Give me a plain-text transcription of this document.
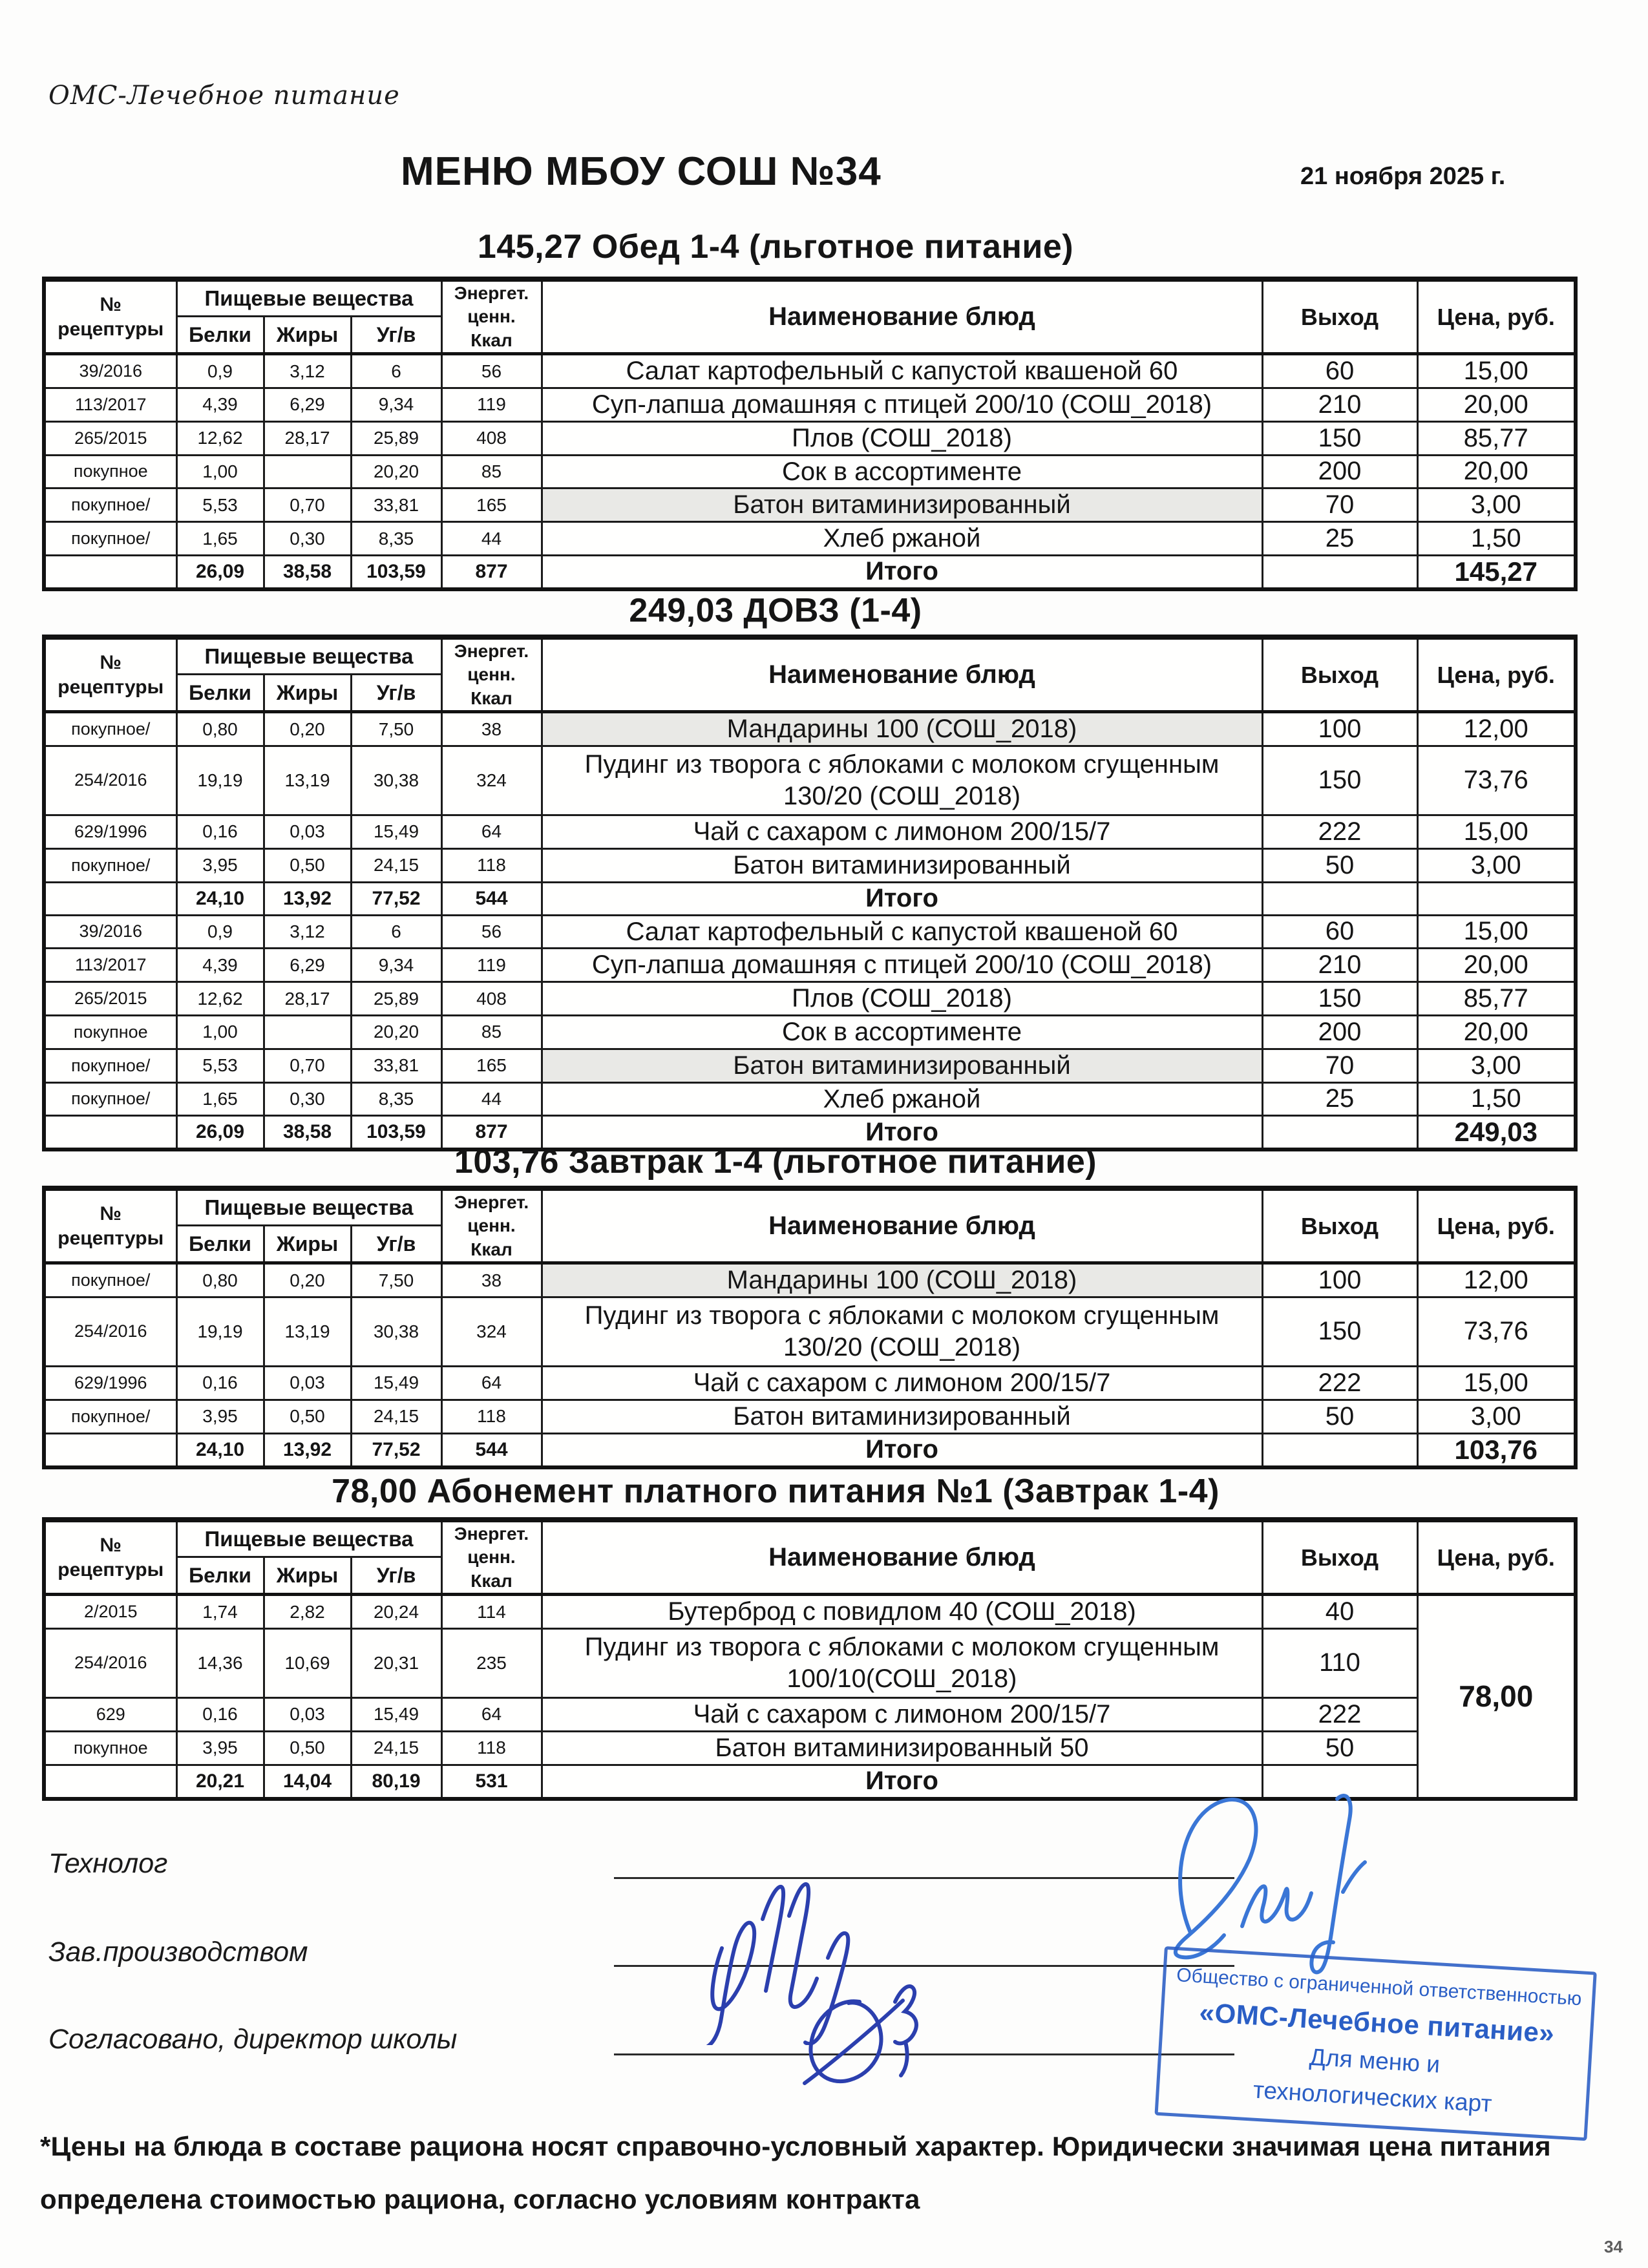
ОМС-Лечебное питание
МЕНЮ МБОУ СОШ №34	21 ноября 2025 г.
145,27 Обед 1-4 (льготное питание)
№
рецептуры	Пищевые вещества			Энергет. ценн. Ккал	Наименование блюд	Выход	Цена, руб.
	Белки	Жиры	Уг/в				
39/2016	0,9	3,12	6	56	Салат картофельный с капустой квашеной 60	60	15,00
113/2017	4,39	6,29	9,34	119	Суп-лапша домашняя с птицей 200/10 (СОШ_2018)	210	20,00
265/2015	12,62	28,17	25,89	408	Плов (СОШ_2018)	150	85,77
покупное	1,00		20,20	85	Сок в ассортименте	200	20,00
покупное/	5,53	0,70	33,81	165	Батон витаминизированный	70	3,00
покупное/	1,65	0,30	8,35	44	Хлеб ржаной	25	1,50
	26,09	38,58	103,59	877	Итого		145,27
249,03 ДОВЗ (1-4)
№
рецептуры	Пищевые вещества			Энергет. ценн. Ккал	Наименование блюд	Выход	Цена, руб.
	Белки	Жиры	Уг/в				
покупное/	0,80	0,20	7,50	38	Мандарины 100 (СОШ_2018)	100	12,00
254/2016	19,19	13,19	30,38	324	Пудинг из творога с яблоками с молоком сгущенным
130/20 (СОШ_2018)	150	73,76
629/1996	0,16	0,03	15,49	64	Чай с сахаром с лимоном 200/15/7	222	15,00
покупное/	3,95	0,50	24,15	118	Батон витаминизированный	50	3,00
	24,10	13,92	77,52	544	Итого		
39/2016	0,9	3,12	6	56	Салат картофельный с капустой квашеной 60	60	15,00
113/2017	4,39	6,29	9,34	119	Суп-лапша домашняя с птицей 200/10 (СОШ_2018)	210	20,00
265/2015	12,62	28,17	25,89	408	Плов (СОШ_2018)	150	85,77
покупное	1,00		20,20	85	Сок в ассортименте	200	20,00
покупное/	5,53	0,70	33,81	165	Батон витаминизированный	70	3,00
покупное/	1,65	0,30	8,35	44	Хлеб ржаной	25	1,50
	26,09	38,58	103,59	877	Итого		249,03
103,76 Завтрак 1-4 (льготное питание)
№
рецептуры	Пищевые вещества			Энергет. ценн. Ккал	Наименование блюд	Выход	Цена, руб.
	Белки	Жиры	Уг/в				
покупное/	0,80	0,20	7,50	38	Мандарины 100 (СОШ_2018)	100	12,00
254/2016	19,19	13,19	30,38	324	Пудинг из творога с яблоками с молоком сгущенным
130/20 (СОШ_2018)	150	73,76
629/1996	0,16	0,03	15,49	64	Чай с сахаром с лимоном 200/15/7	222	15,00
покупное/	3,95	0,50	24,15	118	Батон витаминизированный	50	3,00
	24,10	13,92	77,52	544	Итого		103,76
78,00 Абонемент платного питания №1 (Завтрак 1-4)
№
рецептуры	Пищевые вещества			Энергет. ценн. Ккал	Наименование блюд	Выход	Цена, руб.
	Белки	Жиры	Уг/в				
2/2015	1,74	2,82	20,24	114	Бутерброд с повидлом 40 (СОШ_2018)	40	78,00
254/2016	14,36	10,69	20,31	235	Пудинг из творога с яблоками с молоком сгущенным
100/10(СОШ_2018)	110	
629	0,16	0,03	15,49	64	Чай с сахаром с лимоном 200/15/7	222	
покупное	3,95	0,50	24,15	118	Батон витаминизированный 50	50	
	20,21	14,04	80,19	531	Итого		
Технолог
Зав.производством
Согласовано, директор школы
Общество с ограниченной ответственностью
«ОМС-Лечебное питание»
Для меню и
технологических карт
*Цены на блюда в составе рациона носят справочно-условный характер. Юридически значимая цена питания
определена стоимостью рациона, согласно условиям контракта
34
